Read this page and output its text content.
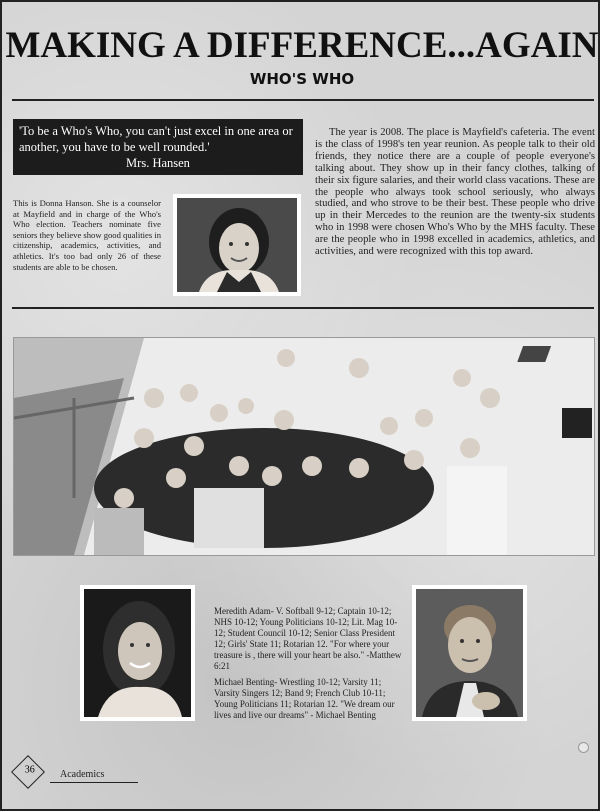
MAKING A DIFFERENCE...AGAIN
WHO'S WHO
'To be a Who's Who, you can't just excel in one area or another, you have to be well rounded.'
Mrs. Hansen
This is Donna Hanson. She is a counselor at Mayfield and in charge of the Who's Who election. Teachers nominate five seniors they believe show good qualities in citizenship, academics, activities, and athletics. It's too bad only 26 of these students are able to be chosen.
The year is 2008. The place is Mayfield's cafeteria. The event is the class of 1998's ten year reunion. As people talk to their old friends, they notice there are a couple of people everyone's talking about. They show up in their fancy clothes, talking of their six figure salaries, and their world class vacations. These are the people who always took school seriously, who always studied, and who strove to be their best. These people who drive up in their Mercedes to the reunion are the twenty-six students who in 1998 were chosen Who's Who by the MHS faculty. These are the people who in 1998 excelled in academics, athletics, and activities, and were recognized with this top award.
Meredith Adam- V. Softball 9-12; Captain 10-12; NHS 10-12; Young Politicians 10-12; Lit. Mag 10-12; Student Council 10-12; Senior Class President 12; Girls' State 11; Rotarian 12. "For where your treasure is , there will your heart be also." -Matthew 6:21
Michael Benting- Wrestling 10-12; Varsity 11; Varsity Singers 12; Band 9; French Club 10-11; Young Politicians 11; Rotarian 12. "We dream our lives and live our dreams" - Michael Benting
36	Academics
